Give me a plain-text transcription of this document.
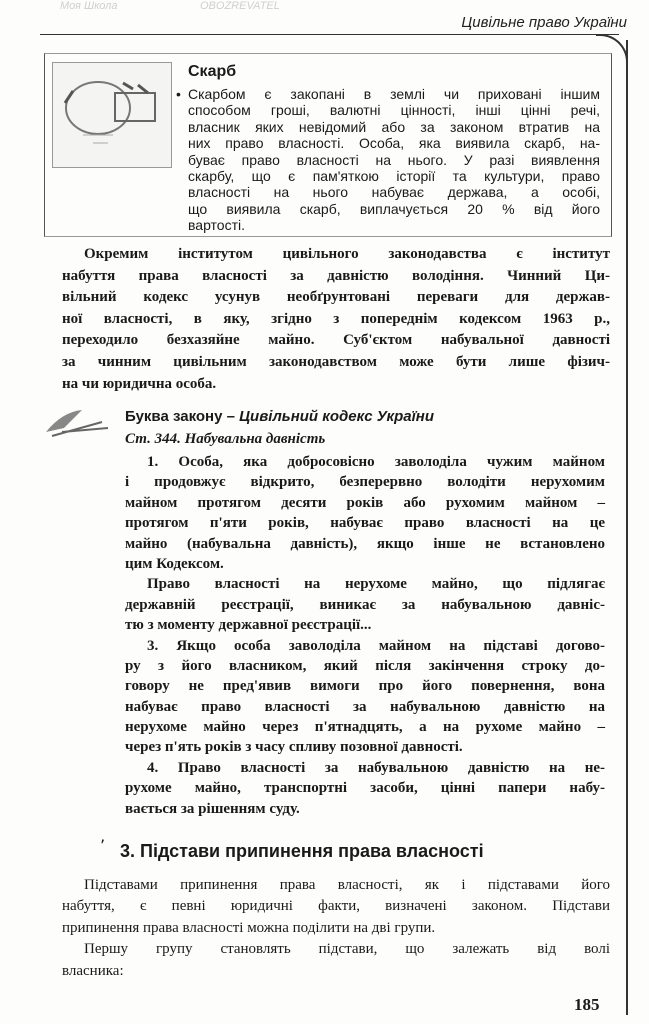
Моя Школа	OBOZREVATEL
Цивільне право України
Скарб
• Скарбом є закопані в землі чи приховані іншим
способом гроші, валютні цінності, інші цінні речі,
власник яких невідомий або за законом втратив на
них право власності. Особа, яка виявила скарб, на-
буває право власності на нього. У разі виявлення
скарбу, що є пам'яткою історії та культури, право
власності на нього набуває держава, а особі,
що виявила скарб, виплачується 20 % від його
вартості.
Окремим інститутом цивільного законодавства є інститут
набуття права власності за давністю володіння. Чинний Ци-
вільний кодекс усунув необґрунтовані переваги для держав-
ної власності, в яку, згідно з попереднім кодексом 1963 р.,
переходило безхазяйне майно. Суб'єктом набувальної давності
за чинним цивільним законодавством може бути лише фізич-
на чи юридична особа.
Буква закону – Цивільний кодекс України
Ст. 344. Набувальна давність
1. Особа, яка добросовісно заволоділа чужим майном
і продовжує відкрито, безперервно володіти нерухомим
майном протягом десяти років або рухомим майном –
протягом п'яти років, набуває право власності на це
майно (набувальна давність), якщо інше не встановлено
цим Кодексом.
Право власності на нерухоме майно, що підлягає
державній реєстрації, виникає за набувальною давніс-
тю з моменту державної реєстрації...
3. Якщо особа заволоділа майном на підставі догово-
ру з його власником, який після закінчення строку до-
говору не пред'явив вимоги про його повернення, вона
набуває право власності за набувальною давністю на
нерухоме майно через п'ятнадцять, а на рухоме майно –
через п'ять років з часу спливу позовної давності.
4. Право власності за набувальною давністю на не-
рухоме майно, транспортні засоби, цінні папери набу-
вається за рішенням суду.
’ 3. Підстави припинення права власності
Підставами припинення права власності, як і підставами його
набуття, є певні юридичні факти, визначені законом. Підстави
припинення права власності можна поділити на дві групи.
Першу групу становлять підстави, що залежать від волі
власника:
185
